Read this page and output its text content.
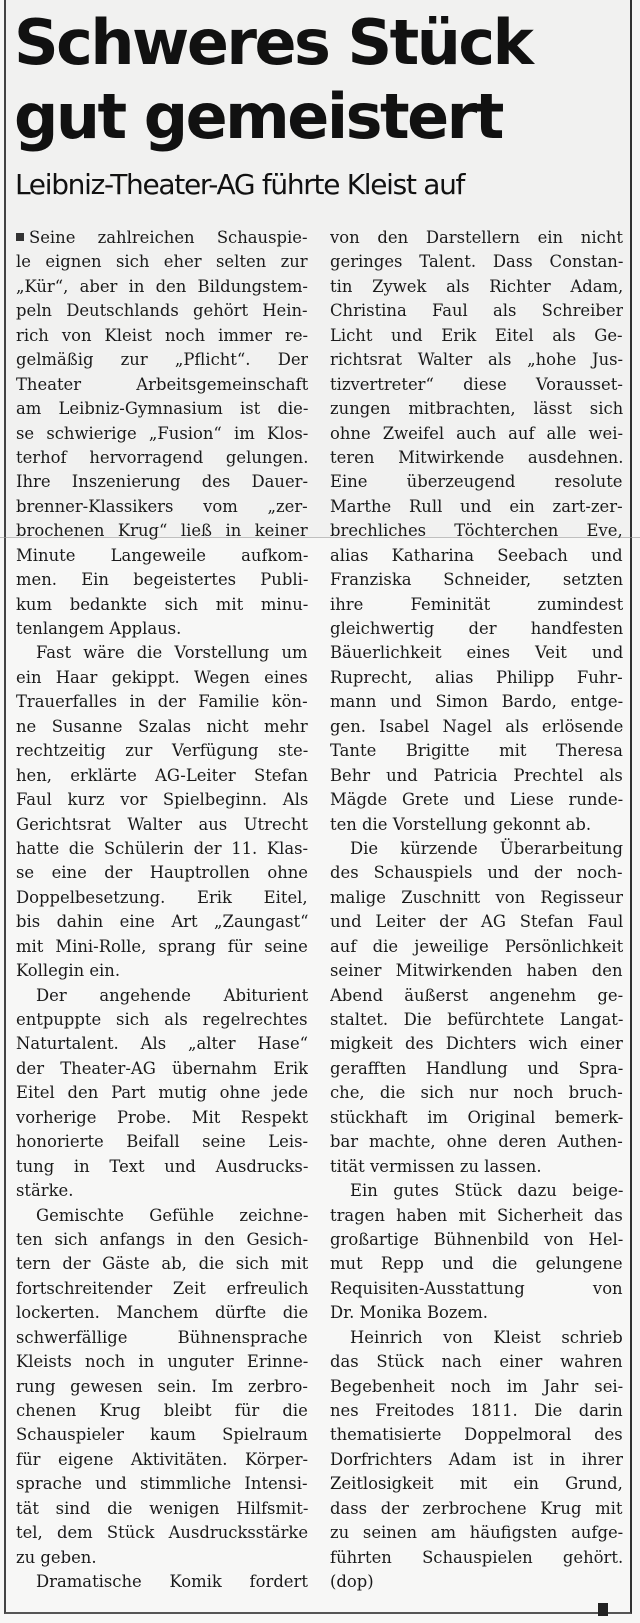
Schweres Stück
gut gemeistert
Leibniz-Theater-AG führte Kleist auf
Seine zahlreichen Schauspie-
le eignen sich eher selten zur
„Kür“, aber in den Bildungstem-
peln Deutschlands gehört Hein-
rich von Kleist noch immer re-
gelmäßig zur „Pflicht“. Der
Theater Arbeitsgemeinschaft
am Leibniz-Gymnasium ist die-
se schwierige „Fusion“ im Klos-
terhof hervorragend gelungen.
Ihre Inszenierung des Dauer-
brenner-Klassikers vom „zer-
brochenen Krug“ ließ in keiner
Minute Langeweile aufkom-
men. Ein begeistertes Publi-
kum bedankte sich mit minu-
tenlangem Applaus.
Fast wäre die Vorstellung um
ein Haar gekippt. Wegen eines
Trauerfalles in der Familie kön-
ne Susanne Szalas nicht mehr
rechtzeitig zur Verfügung ste-
hen, erklärte AG-Leiter Stefan
Faul kurz vor Spielbeginn. Als
Gerichtsrat Walter aus Utrecht
hatte die Schülerin der 11. Klas-
se eine der Hauptrollen ohne
Doppelbesetzung. Erik Eitel,
bis dahin eine Art „Zaungast“
mit Mini-Rolle, sprang für seine
Kollegin ein.
Der angehende Abiturient
entpuppte sich als regelrechtes
Naturtalent. Als „alter Hase“
der Theater-AG übernahm Erik
Eitel den Part mutig ohne jede
vorherige Probe. Mit Respekt
honorierte Beifall seine Leis-
tung in Text und Ausdrucks-
stärke.
Gemischte Gefühle zeichne-
ten sich anfangs in den Gesich-
tern der Gäste ab, die sich mit
fortschreitender Zeit erfreulich
lockerten. Manchem dürfte die
schwerfällige Bühnensprache
Kleists noch in unguter Erinne-
rung gewesen sein. Im zerbro-
chenen Krug bleibt für die
Schauspieler kaum Spielraum
für eigene Aktivitäten. Körper-
sprache und stimmliche Intensi-
tät sind die wenigen Hilfsmit-
tel, dem Stück Ausdrucksstärke
zu geben.
Dramatische Komik fordert
von den Darstellern ein nicht
geringes Talent. Dass Constan-
tin Zywek als Richter Adam,
Christina Faul als Schreiber
Licht und Erik Eitel als Ge-
richtsrat Walter als „hohe Jus-
tizvertreter“ diese Vorausset-
zungen mitbrachten, lässt sich
ohne Zweifel auch auf alle wei-
teren Mitwirkende ausdehnen.
Eine überzeugend resolute
Marthe Rull und ein zart-zer-
brechliches Töchterchen Eve,
alias Katharina Seebach und
Franziska Schneider, setzten
ihre Feminität zumindest
gleichwertig der handfesten
Bäuerlichkeit eines Veit und
Ruprecht, alias Philipp Fuhr-
mann und Simon Bardo, entge-
gen. Isabel Nagel als erlösende
Tante Brigitte mit Theresa
Behr und Patricia Prechtel als
Mägde Grete und Liese runde-
ten die Vorstellung gekonnt ab.
Die kürzende Überarbeitung
des Schauspiels und der noch-
malige Zuschnitt von Regisseur
und Leiter der AG Stefan Faul
auf die jeweilige Persönlichkeit
seiner Mitwirkenden haben den
Abend äußerst angenehm ge-
staltet. Die befürchtete Langat-
migkeit des Dichters wich einer
gerafften Handlung und Spra-
che, die sich nur noch bruch-
stückhaft im Original bemerk-
bar machte, ohne deren Authen-
tität vermissen zu lassen.
Ein gutes Stück dazu beige-
tragen haben mit Sicherheit das
großartige Bühnenbild von Hel-
mut Repp und die gelungene
Requisiten-Ausstattung von
Dr. Monika Bozem.
Heinrich von Kleist schrieb
das Stück nach einer wahren
Begebenheit noch im Jahr sei-
nes Freitodes 1811. Die darin
thematisierte Doppelmoral des
Dorfrichters Adam ist in ihrer
Zeitlosigkeit mit ein Grund,
dass der zerbrochene Krug mit
zu seinen am häufigsten aufge-
führten Schauspielen gehört.
(dop)
